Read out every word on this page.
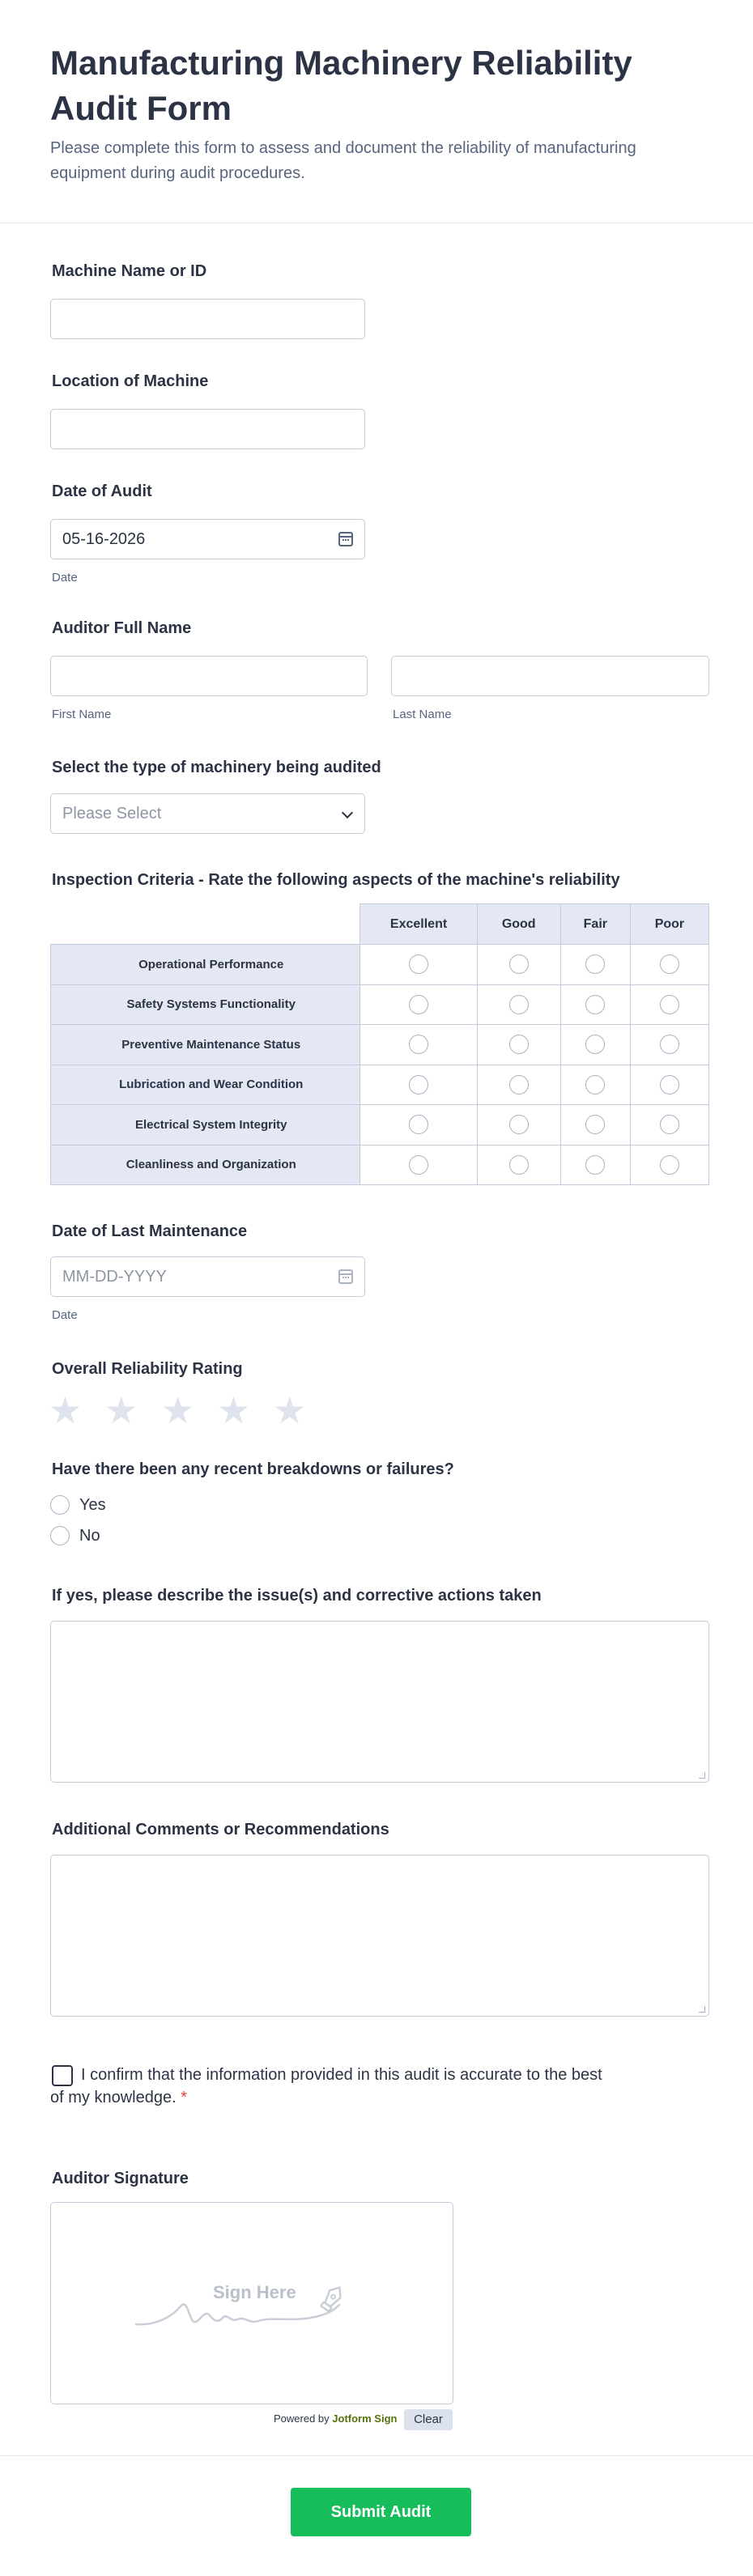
Manufacturing Machinery Reliability Audit Form

Please complete this form to assess and document the reliability of manufacturing equipment during audit procedures.

Machine Name or ID
Location of Machine
Date of Audit
05-16-2026
Date
Auditor Full Name
First Name	Last Name
Select the type of machinery being audited
Please Select
Inspection Criteria - Rate the following aspects of the machine's reliability
	Excellent	Good	Fair	Poor
Operational Performance				
Safety Systems Functionality				
Preventive Maintenance Status				
Lubrication and Wear Condition				
Electrical System Integrity				
Cleanliness and Organization				
Date of Last Maintenance
MM-DD-YYYY
Date
Overall Reliability Rating
★ ★ ★ ★ ★
Have there been any recent breakdowns or failures?
Yes
No
If yes, please describe the issue(s) and corrective actions taken
Additional Comments or Recommendations
I confirm that the information provided in this audit is accurate to the best of my knowledge. *
Auditor Signature
Sign Here
Powered by Jotform Sign	Clear
Submit Audit
